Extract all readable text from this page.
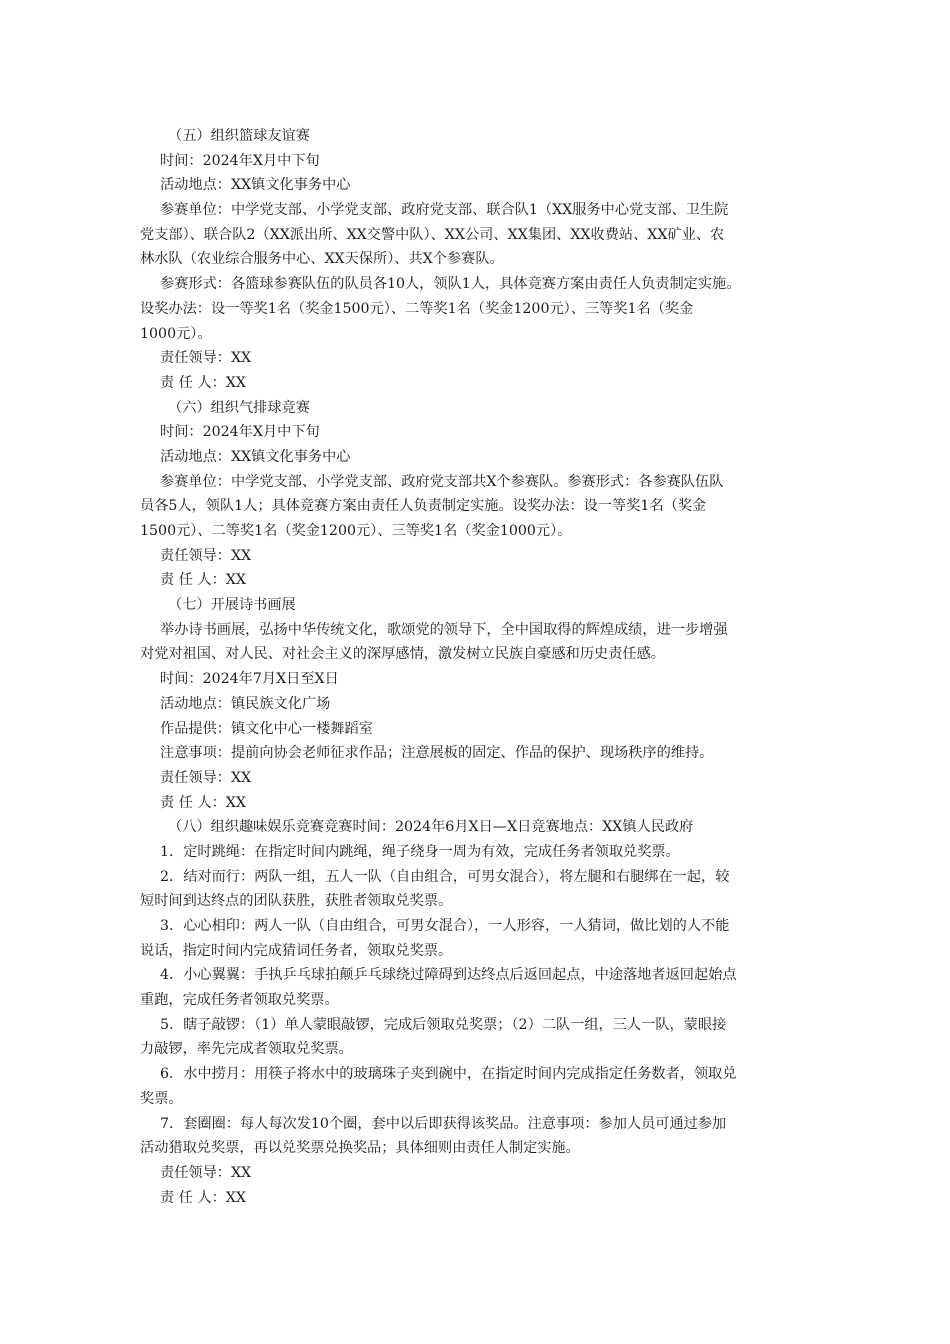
（五）组织篮球友谊赛

时间：2024年X月中下旬

活动地点：XX镇文化事务中心

参赛单位：中学党支部、小学党支部、政府党支部、联合队1（XX服务中心党支部、卫生院

党支部）、联合队2（XX派出所、XX交警中队）、XX公司、XX集团、XX收费站、XX矿业、农

林水队（农业综合服务中心、XX天保所）、共X个参赛队。

参赛形式：各篮球参赛队伍的队员各10人，领队1人，具体竞赛方案由责任人负责制定实施。

设奖办法：设一等奖1名（奖金1500元）、二等奖1名（奖金1200元）、三等奖1名（奖金

1000元）。

责任领导：XX

责 任 人：XX

（六）组织气排球竞赛

时间：2024年X月中下旬

活动地点：XX镇文化事务中心

参赛单位：中学党支部、小学党支部、政府党支部共X个参赛队。参赛形式：各参赛队伍队

员各5人，领队1人；具体竞赛方案由责任人负责制定实施。设奖办法：设一等奖1名（奖金

1500元）、二等奖1名（奖金1200元）、三等奖1名（奖金1000元）。

责任领导：XX

责 任 人：XX

（七）开展诗书画展

举办诗书画展，弘扬中华传统文化，歌颂党的领导下，全中国取得的辉煌成绩，进一步增强

对党对祖国、对人民、对社会主义的深厚感情，激发树立民族自豪感和历史责任感。

时间：2024年7月X日至X日

活动地点：镇民族文化广场

作品提供：镇文化中心一楼舞蹈室

注意事项：提前向协会老师征求作品；注意展板的固定、作品的保护、现场秩序的维持。

责任领导：XX

责 任 人：XX

（八）组织趣味娱乐竞赛竞赛时间：2024年6月X日—X日竞赛地点：XX镇人民政府

1．定时跳绳：在指定时间内跳绳，绳子绕身一周为有效，完成任务者领取兑奖票。

2．结对而行：两队一组，五人一队（自由组合，可男女混合），将左腿和右腿绑在一起，较

短时间到达终点的团队获胜，获胜者领取兑奖票。

3．心心相印：两人一队（自由组合，可男女混合），一人形容，一人猜词，做比划的人不能

说话，指定时间内完成猜词任务者，领取兑奖票。

4．小心翼翼：手执乒乓球拍颠乒乓球绕过障碍到达终点后返回起点，中途落地者返回起始点

重跑，完成任务者领取兑奖票。

5．瞎子敲锣：（1）单人蒙眼敲锣，完成后领取兑奖票；（2）二队一组，三人一队，蒙眼接

力敲锣，率先完成者领取兑奖票。

6．水中捞月：用筷子将水中的玻璃珠子夹到碗中，在指定时间内完成指定任务数者，领取兑

奖票。

7．套圈圈：每人每次发10个圈，套中以后即获得该奖品。注意事项：参加人员可通过参加

活动猎取兑奖票，再以兑奖票兑换奖品；具体细则由责任人制定实施。

责任领导：XX

责 任 人：XX
